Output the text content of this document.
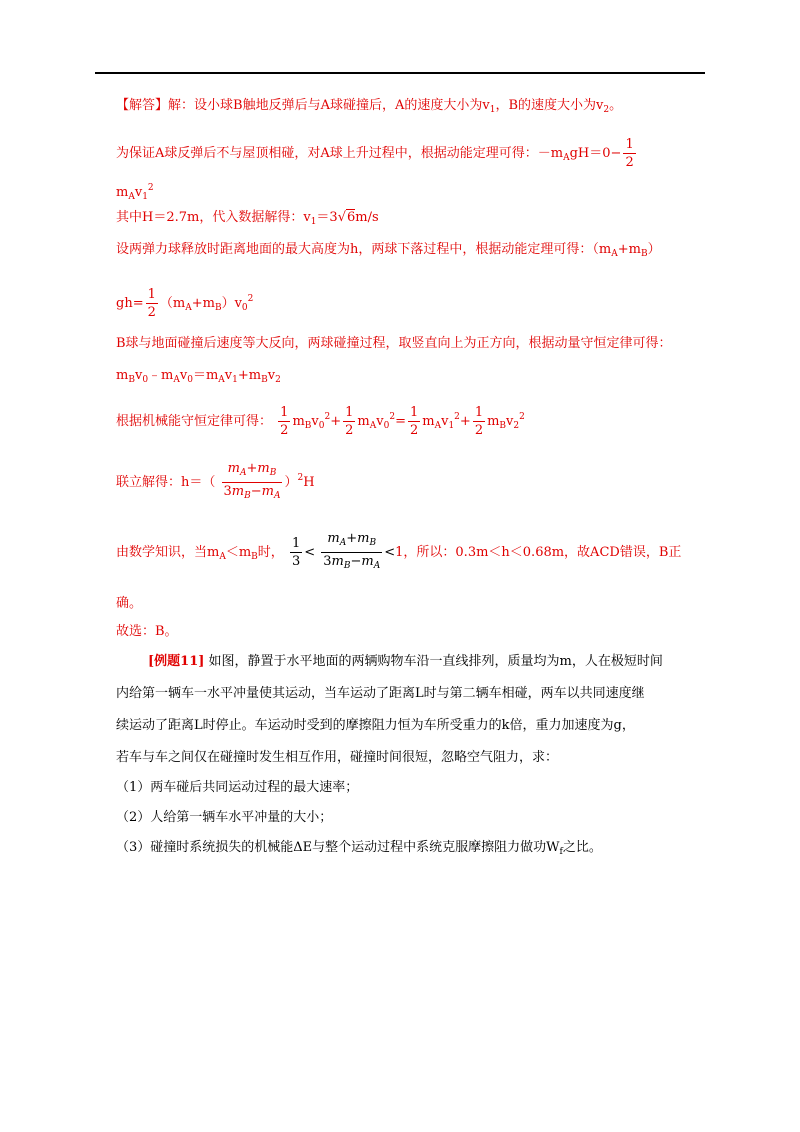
【解答】解：设小球B触地反弹后与A球碰撞后，A的速度大小为$v_1$，B的速度大小为$v_2$。
为保证A球反弹后不与屋顶相碰，对A球上升过程中，根据动能定理可得：$-m_AgH=0- \frac{1}{2}$
$m_Av_1^2$
其中H＝2.7m，代入数据解得：$v_1=3√6m/s$
设两弹力球释放时距离地面的最大高度为h，两球下落过程中，根据动能定理可得：$(m_A+m_B)$
$gh= \frac{1}{2} (m_A+m_B)v_0^2$
B球与地面碰撞后速度等大反向，两球碰撞过程，取竖直向上为正方向，根据动量守恒定律可得：
$m_Bv_0﹣m_Av_0=m_Av_1+m_Bv_2$
根据机械能守恒定律可得： $\frac{1}{2} m_Bv_0^2+ \frac{1}{2} m_Av_0^2= \frac{1}{2} m_Av_1^2+ \frac{1}{2} m_Bv_2^2$
联立解得：$h=( \frac{m_A+m_B}{3m_B-m_A} )^2H$
由数学知识，当$m_A<m_B$时， $\frac{1}{3} < \frac{m_A+m_B}{3m_B-m_A} <1$，所以：0.3m＜h＜0.68m，故ACD错误，B正
确。
故选：B。
[例题11] 如图，静置于水平地面的两辆购物车沿一直线排列，质量均为m，人在极短时间
内给第一辆车一水平冲量使其运动，当车运动了距离L时与第二辆车相碰，两车以共同速度继
续运动了距离L时停止。车运动时受到的摩擦阻力恒为车所受重力的k倍，重力加速度为g，
若车与车之间仅在碰撞时发生相互作用，碰撞时间很短，忽略空气阻力，求：
（1）两车碰后共同运动过程的最大速率；
（2）人给第一辆车水平冲量的大小；
（3）碰撞时系统损失的机械能ΔE与整个运动过程中系统克服摩擦阻力做功$W_f$之比。
